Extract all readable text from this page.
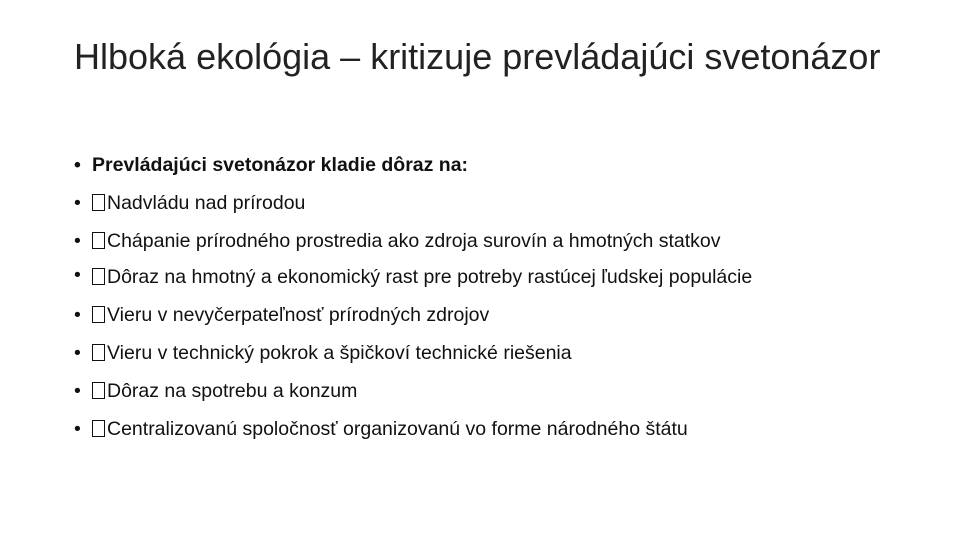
Hlboká ekológia – kritizuje prevládajúci svetonázor
• Prevládajúci svetonázor kladie dôraz na:
• Nadvládu nad prírodou
• Chápanie prírodného prostredia ako zdroja surovín a hmotných statkov
• Dôraz na hmotný a ekonomický rast pre potreby rastúcej ľudskej populácie
• Vieru v nevyčerpateľnosť prírodných zdrojov
• Vieru v technický pokrok a špičkoví technické riešenia
• Dôraz na spotrebu a konzum
• Centralizovanú spoločnosť organizovanú vo forme národného štátu
